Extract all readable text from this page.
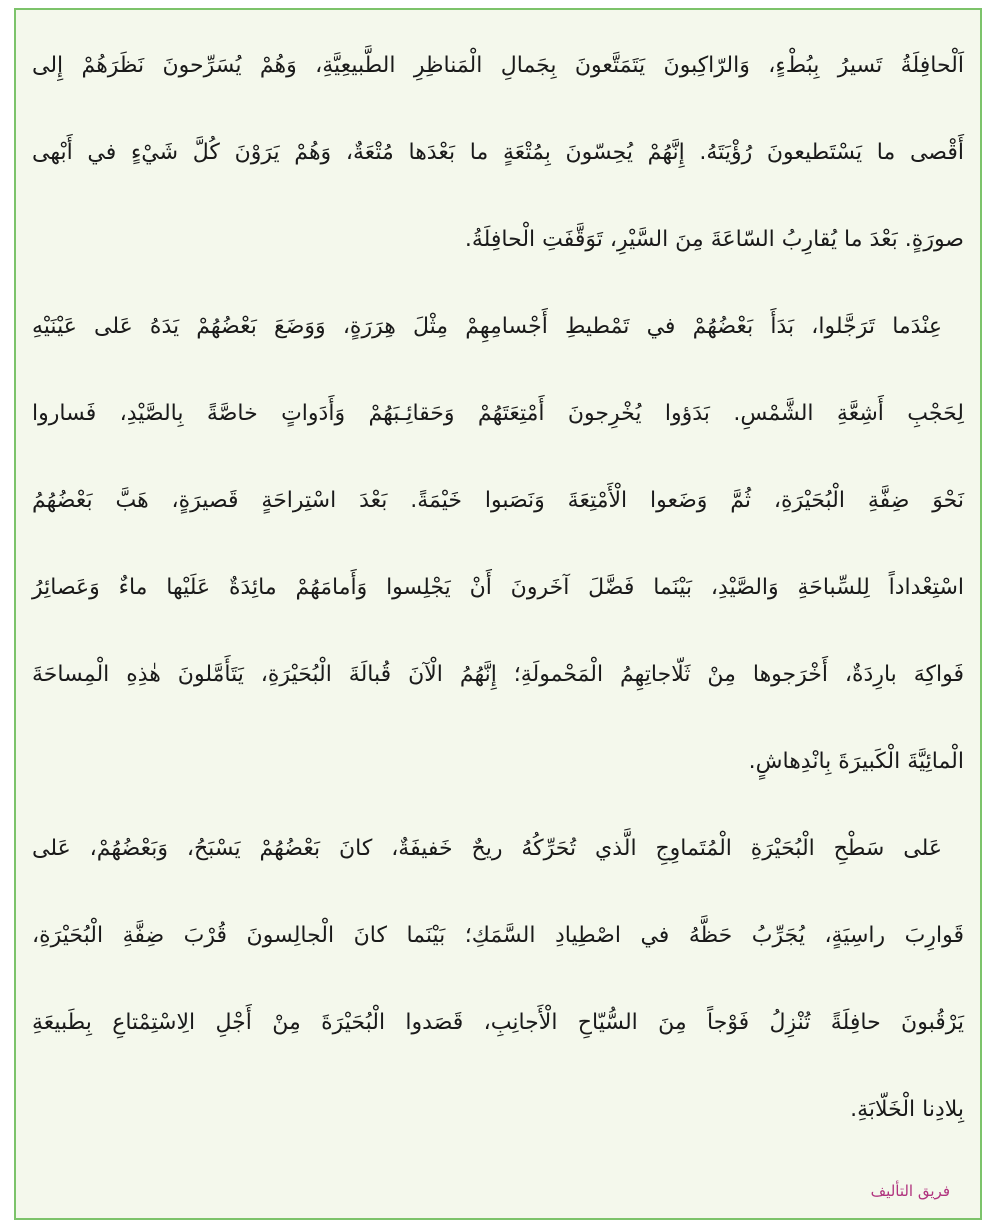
اَلْحافِلَةُ تَسيرُ بِبُطْءٍ، وَالرّاكِبونَ يَتَمَتَّعونَ بِجَمالِ الْمَناظِرِ الطَّبيعِيَّةِ، وَهُمْ يُسَرِّحونَ نَظَرَهُمْ إِلى
أَقْصى ما يَسْتَطيعونَ رُؤْيَتَهُ. إِنَّهُمْ يُحِسّونَ بِمُتْعَةٍ ما بَعْدَها مُتْعَةٌ، وَهُمْ يَرَوْنَ كُلَّ شَيْءٍ في أَبْهى
صورَةٍ. بَعْدَ ما يُقارِبُ السّاعَةَ مِنَ السَّيْرِ، تَوَقَّفَتِ الْحافِلَةُ.
عِنْدَما تَرَجَّلوا، بَدَأَ بَعْضُهُمْ في تَمْطيطِ أَجْسامِهِمْ مِثْلَ هِرَرَةٍ، وَوَضَعَ بَعْضُهُمْ يَدَهُ عَلى عَيْنَيْهِ
لِحَجْبِ أَشِعَّةِ الشَّمْسِ. بَدَؤوا يُخْرِجونَ أَمْتِعَتَهُمْ وَحَقائِـبَهُمْ وَأَدَواتٍ خاصَّةً بِالصَّيْدِ، فَساروا
نَحْوَ ضِفَّةِ الْبُحَيْرَةِ، ثُمَّ وَضَعوا الْأَمْتِعَةَ وَنَصَبوا خَيْمَةً. بَعْدَ اسْتِراحَةٍ قَصيرَةٍ، هَبَّ بَعْضُهُمُ
اسْتِعْداداً لِلسِّباحَةِ وَالصَّيْدِ، بَيْنَما فَضَّلَ آخَرونَ أَنْ يَجْلِسوا وَأَمامَهُمْ مائِدَةٌ عَلَيْها ماءٌ وَعَصائِرُ
فَواكِهَ بارِدَةٌ، أَخْرَجوها مِنْ ثَلّاجاتِهِمُ الْمَحْمولَةِ؛ إِنَّهُمُ الْآنَ قُبالَةَ الْبُحَيْرَةِ، يَتَأَمَّلونَ هٰذِهِ الْمِساحَةَ
الْمائِيَّةَ الْكَبيرَةَ بِانْدِهاشٍ.
عَلى سَطْحِ الْبُحَيْرَةِ الْمُتَماوِجِ الَّذي تُحَرِّكُهُ ريحٌ خَفيفَةٌ، كانَ بَعْضُهُمْ يَسْبَحُ، وَبَعْضُهُمْ، عَلى
قَوارِبَ راسِيَةٍ، يُجَرِّبُ حَظَّهُ في اصْطِيادِ السَّمَكِ؛ بَيْنَما كانَ الْجالِسونَ قُرْبَ ضِفَّةِ الْبُحَيْرَةِ،
يَرْقُبونَ حافِلَةً تُنْزِلُ فَوْجاً مِنَ السُّيّاحِ الْأَجانِبِ، قَصَدوا الْبُحَيْرَةَ مِنْ أَجْلِ الِاسْتِمْتاعِ بِطَبيعَةِ
بِلادِنا الْخَلّابَةِ.
فريق التأليف
